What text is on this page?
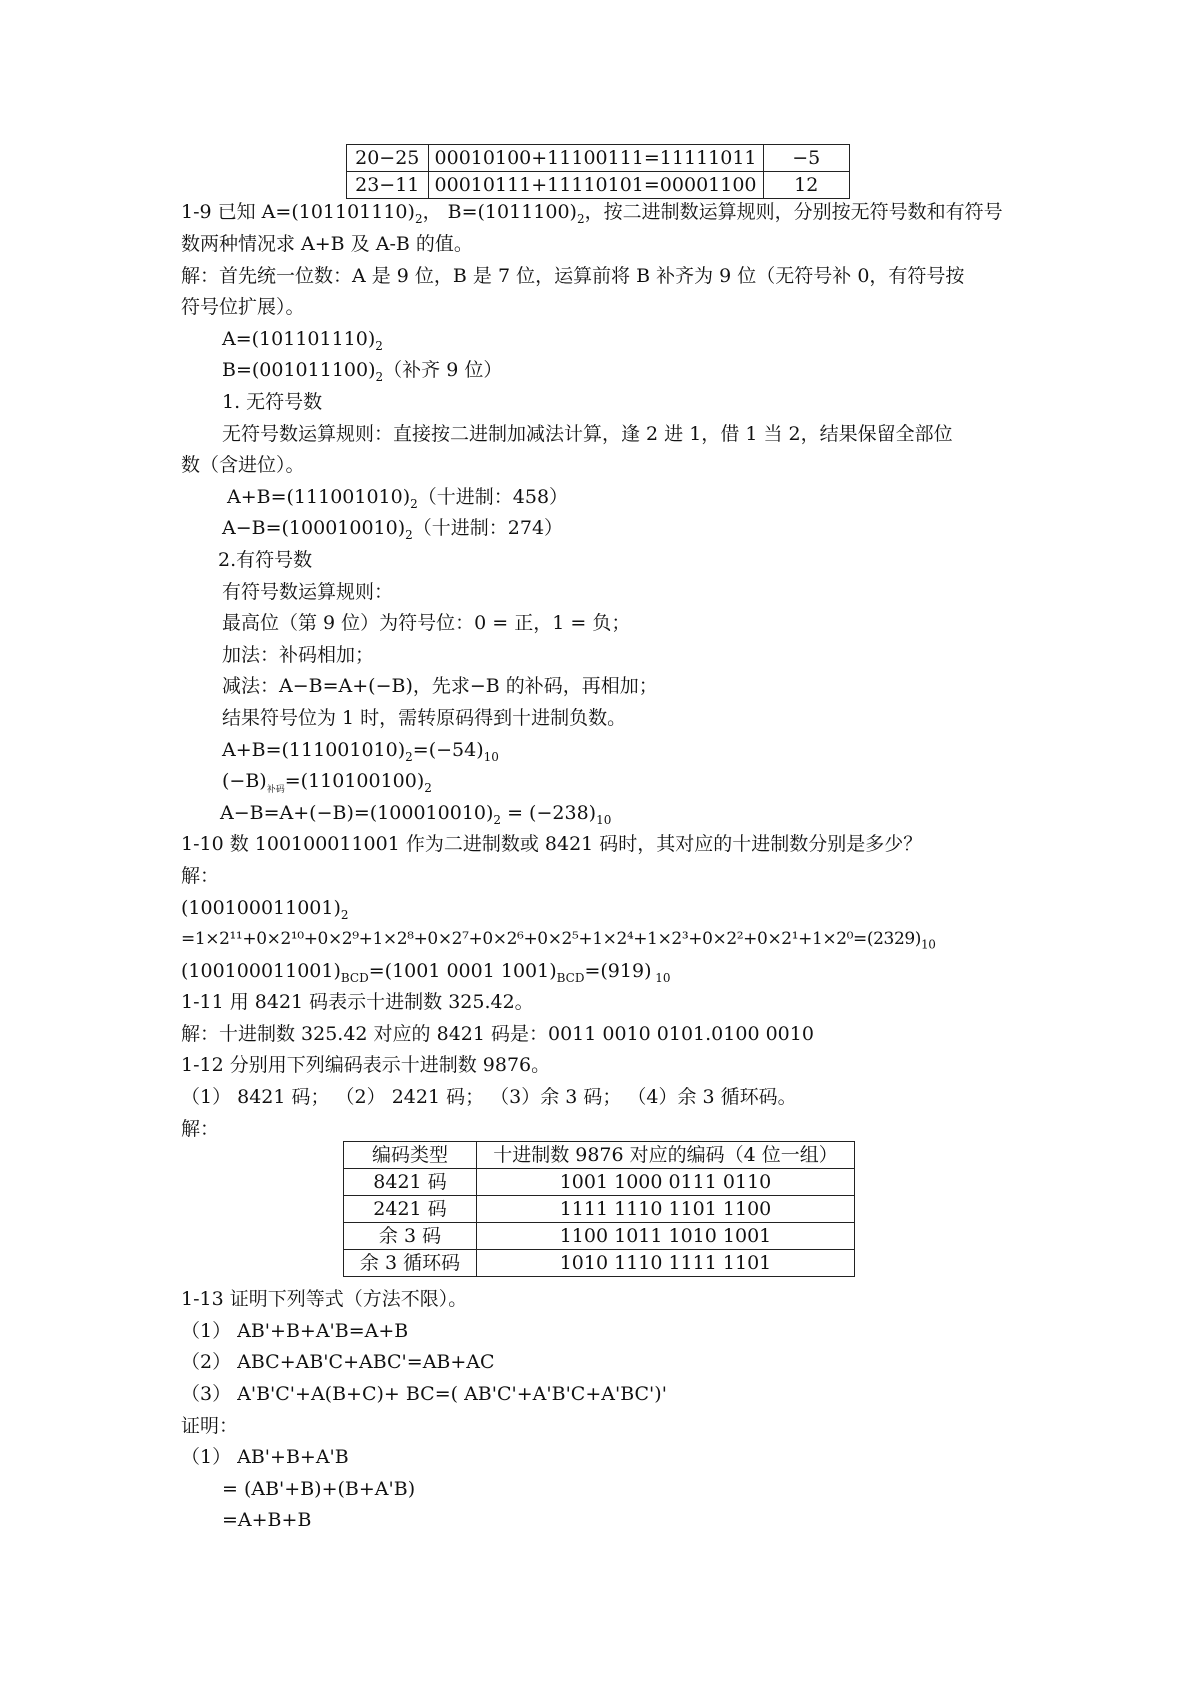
20−25	00010100+11100111=11111011	−5
23−11	00010111+11110101=00001100	12
1-9 已知 $A=(101101110)_2$， $B=(1011100)_2$，按二进制数运算规则，分别按无符号数和有符号
数两种情况求 A+B 及 A-B 的值。
解：首先统一位数：A 是 9 位，B 是 7 位，运算前将 B 补齐为 9 位（无符号补 0，有符号按
符号位扩展）。
$A=(101101110)_2$
$B=(001011100)_2$（补齐 9 位）
1. 无符号数
无符号数运算规则：直接按二进制加减法计算，逢 2 进 1，借 1 当 2，结果保留全部位
数（含进位）。
$A+B=(111001010)_2$（十进制：458）
$A-B=(100010010)_2$（十进制：274）
2.有符号数
有符号数运算规则：
最高位（第 9 位）为符号位：0 = 正，1 = 负；
加法：补码相加；
减法：A−B=A+(−B)，先求−B 的补码，再相加；
结果符号位为 1 时，需转原码得到十进制负数。
$A+B=(111001010)_2=(-54)_{10}$
$(-B)_{补码}=(110100100)_2$
$A-B=A+(-B)=(100010010)_2 = (-238)_{10}$
1-10 数 100100011001 作为二进制数或 8421 码时，其对应的十进制数分别是多少？
解：
$(100100011001)_2$
$=1\times 2^{11}+0\times 2^{10}+0\times 2^9+1\times 2^8+0\times 2^7+0\times 2^6+0\times 2^5+1\times 2^4+1\times 2^3+0\times 2^2+0\times 2^1+1\times 2^0=(2329)_{10}$
$(100100011001)_{BCD}=(1001$ 0001 $1001)_{BCD}=(919)$ $_{10}$
1-11 用 8421 码表示十进制数 325.42。
解：十进制数 325.42 对应的 8421 码是：0011 0010 0101.0100 0010
1-12 分别用下列编码表示十进制数 9876。
（1） 8421 码； （2） 2421 码； （3）余 3 码； （4）余 3 循环码。
解：
编码类型	十进制数 9876 对应的编码（4 位一组）
8421 码	1001 1000 0111 0110
2421 码	1111 1110 1101 1100
余 3 码	1100 1011 1010 1001
余 3 循环码	1010 1110 1111 1101
1-13 证明下列等式（方法不限）。
（1） AB'+B+A'B=A+B
（2） ABC+AB'C+ABC'=AB+AC
（3） A'B'C'+A(B+C)+ BC=( AB'C'+A'B'C+A'BC')'
证明：
（1） AB'+B+A'B
= (AB'+B)+(B+A'B)
=A+B+B
